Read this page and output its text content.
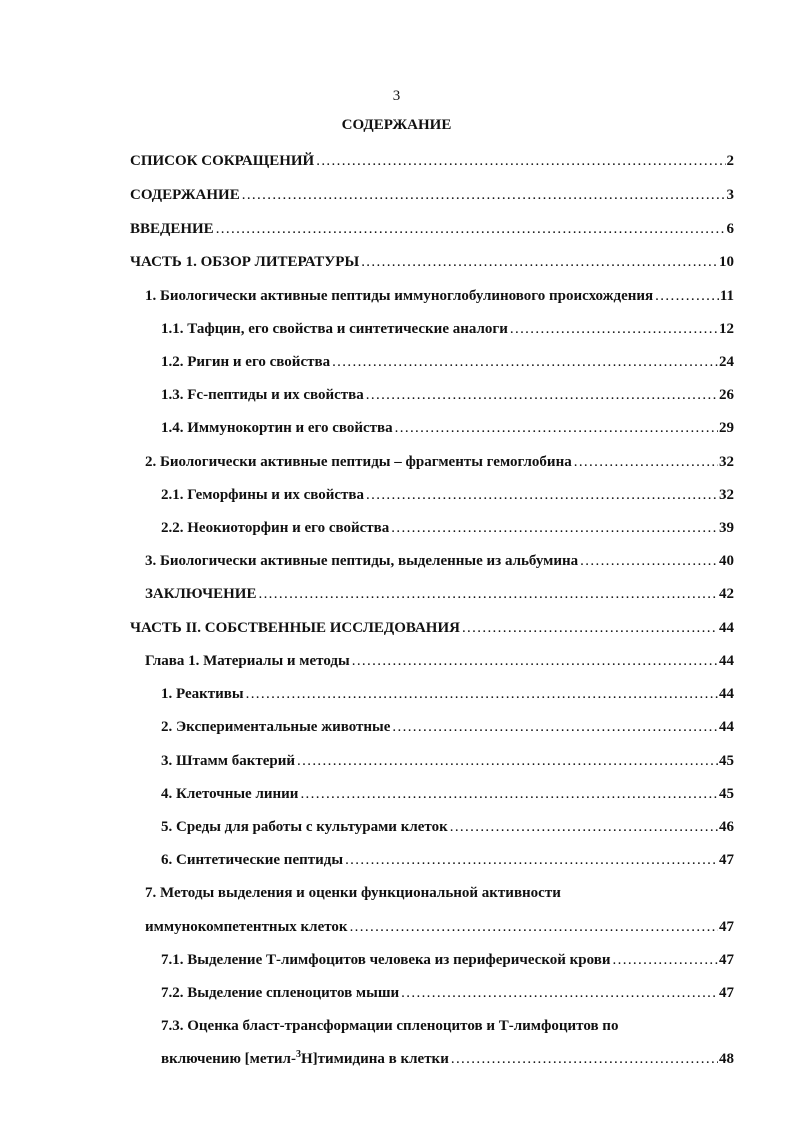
3
СОДЕРЖАНИЕ
СПИСОК СОКРАЩЕНИЙ . . .	2
СОДЕРЖАНИЕ . . .	3
ВВЕДЕНИЕ . . .	6
ЧАСТЬ 1. ОБЗОР ЛИТЕРАТУРЫ . . .	10
1. Биологически активные пептиды иммуноглобулинового происхождения . . .	11
1.1. Тафцин, его свойства и синтетические аналоги . . .	12
1.2. Ригин и его свойства . . .	24
1.3. Fc-пептиды и их свойства . . .	26
1.4. Иммунокортин и его свойства . . .	29
2. Биологически активные пептиды – фрагменты гемоглобина . . .	32
2.1. Геморфины и их свойства . . .	32
2.2. Неокиоторфин и его свойства . . .	39
3. Биологически активные пептиды, выделенные из альбумина . . .	40
ЗАКЛЮЧЕНИЕ . . .	42
ЧАСТЬ II. СОБСТВЕННЫЕ ИССЛЕДОВАНИЯ . . .	44
Глава 1. Материалы и методы . . .	44
1. Реактивы . . .	44
2. Экспериментальные животные . . .	44
3. Штамм бактерий . . .	45
4. Клеточные линии . . .	45
5. Среды для работы с культурами клеток . . .	46
6. Синтетические пептиды . . .	47
7. Методы выделения и оценки функциональной активности
иммунокомпетентных клеток . . .	47
7.1. Выделение Т-лимфоцитов человека из периферической крови . . .	47
7.2. Выделение спленоцитов мыши . . .	47
7.3. Оценка бласт-трансформации спленоцитов и Т-лимфоцитов по
включению [метил-$^3$Н]тимидина в клетки . . .	48
